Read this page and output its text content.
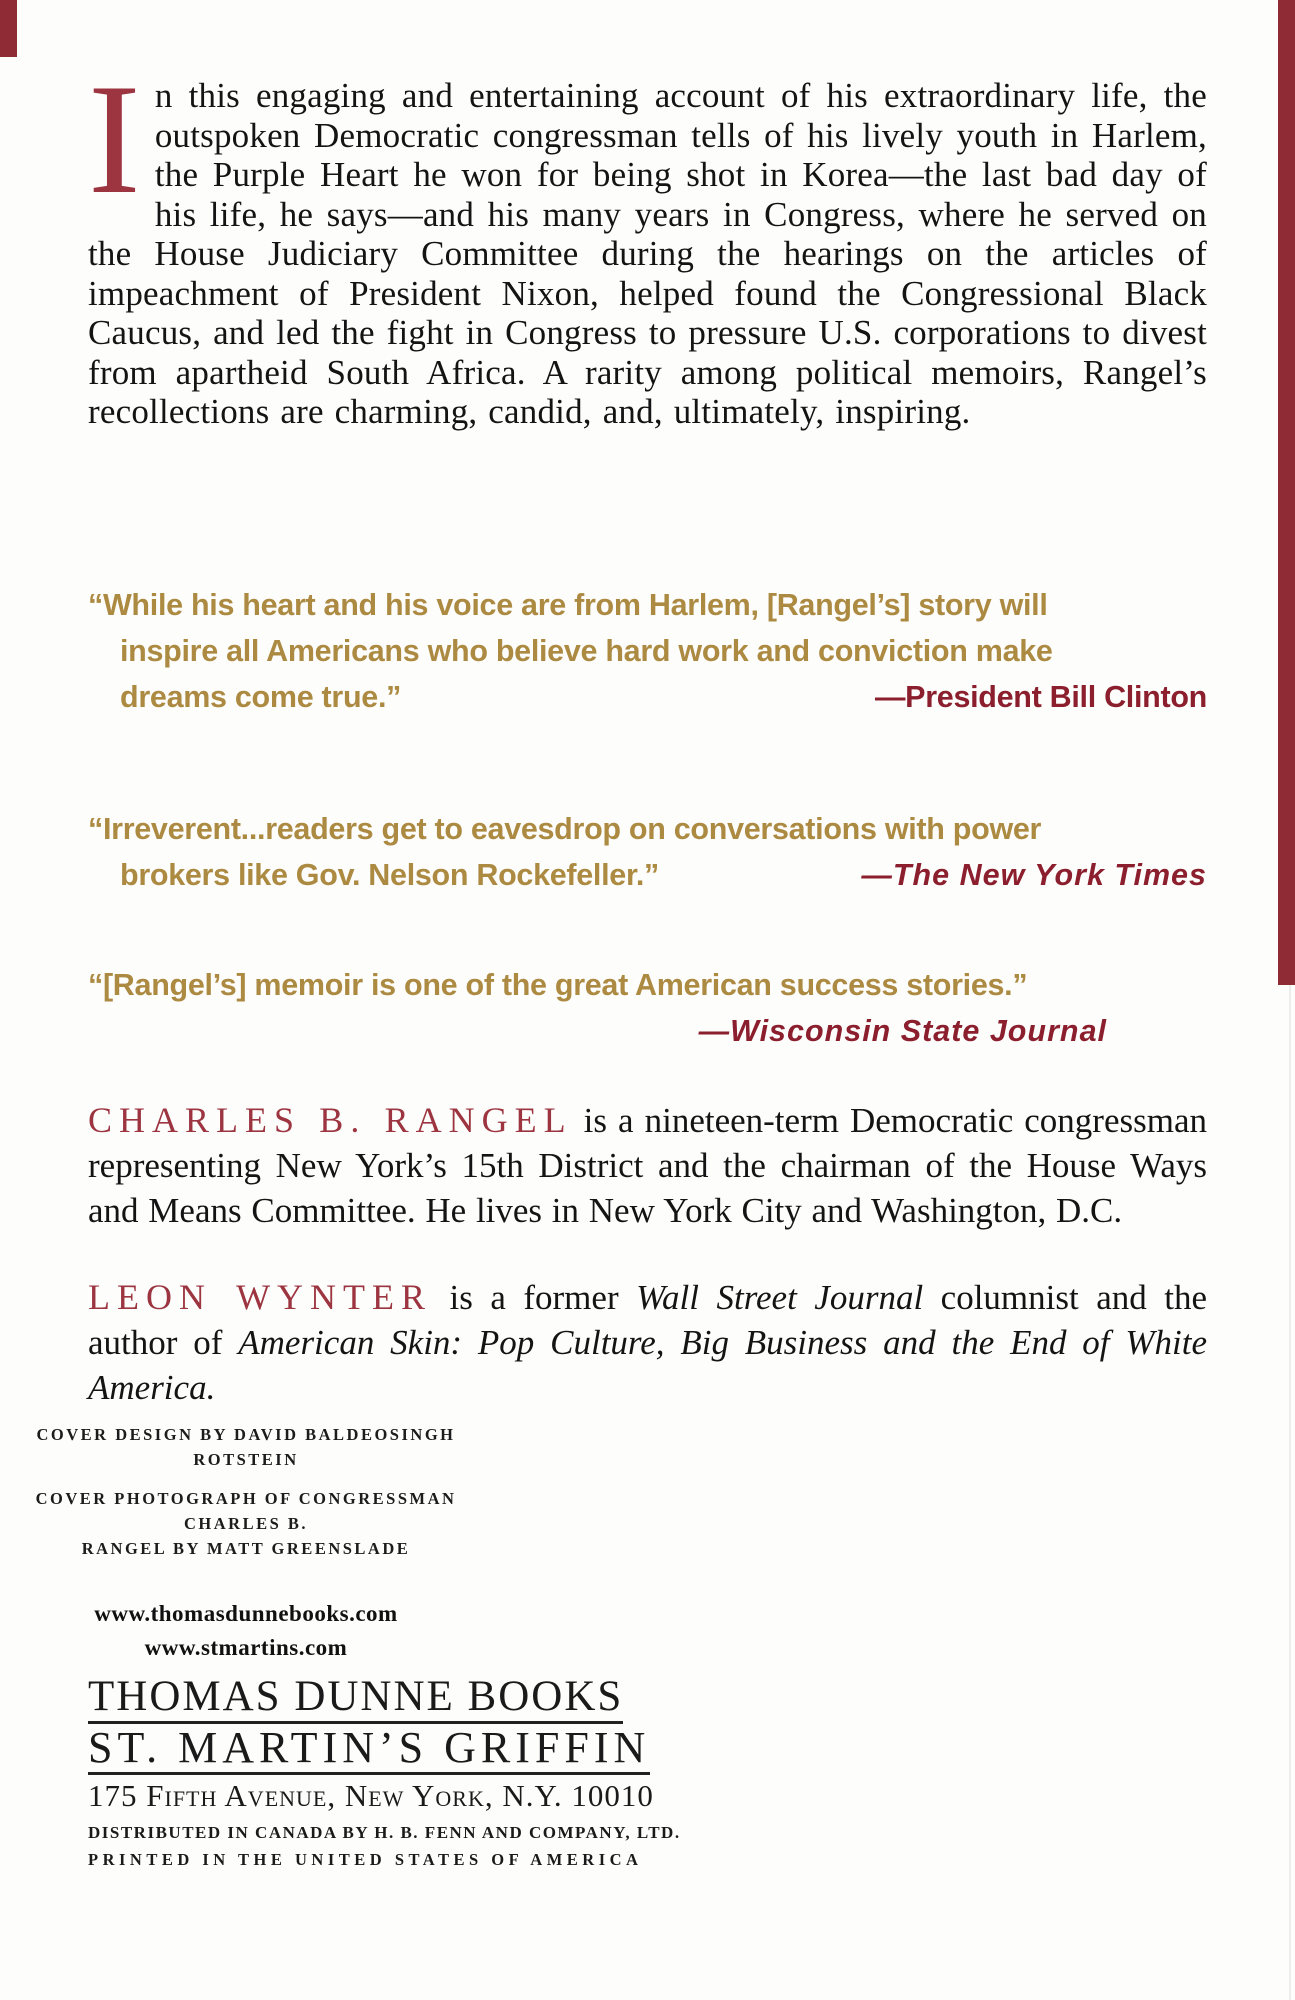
In this engaging and entertaining account of his extraordinary life, the outspoken Democratic congressman tells of his lively youth in Harlem, the Purple Heart he won for being shot in Korea—the last bad day of his life, he says—and his many years in Congress, where he served on the House Judiciary Committee during the hearings on the articles of impeachment of President Nixon, helped found the Congressional Black Caucus, and led the fight in Congress to pressure U.S. corporations to divest from apartheid South Africa. A rarity among political memoirs, Rangel’s recollections are charming, candid, and, ultimately, inspiring.

“While his heart and his voice are from Harlem, [Rangel’s] story will
inspire all Americans who believe hard work and conviction make
dreams come true.”	—President Bill Clinton
“Irreverent...readers get to eavesdrop on conversations with power
brokers like Gov. Nelson Rockefeller.”	—The New York Times
“[Rangel’s] memoir is one of the great American success stories.”
—Wisconsin State Journal

CHARLES B. RANGEL is a nineteen-term Democratic congressman representing New York’s 15th District and the chairman of the House Ways and Means Committee. He lives in New York City and Washington, D.C.

LEON WYNTER is a former Wall Street Journal columnist and the author of American Skin: Pop Culture, Big Business and the End of White America.

COVER DESIGN BY DAVID BALDEOSINGH ROTSTEIN
COVER PHOTOGRAPH OF CONGRESSMAN CHARLES B.
RANGEL BY MATT GREENSLADE
www.thomasdunnebooks.com
www.stmartins.com
THOMAS DUNNE BOOKS
ST. MARTIN’S GRIFFIN
175 Fifth Avenue, New York, N.Y. 10010
DISTRIBUTED IN CANADA BY H. B. FENN AND COMPANY, LTD.
PRINTED IN THE UNITED STATES OF AMERICA
